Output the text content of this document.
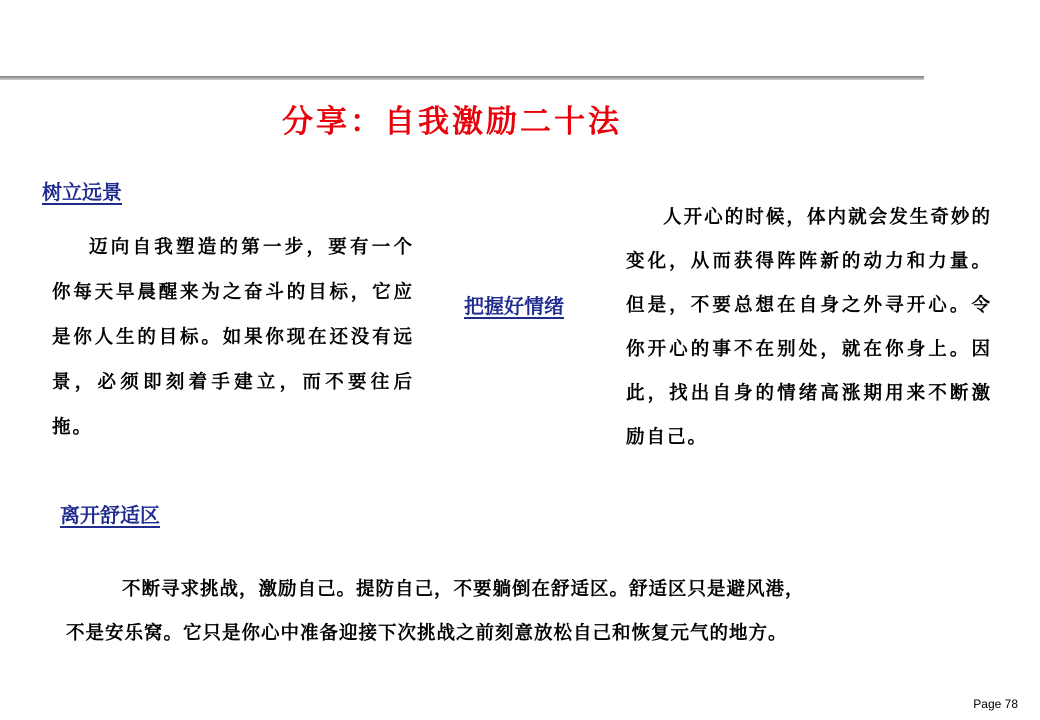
分享：自我激励二十法
树立远景

迈向自我塑造的第一步，要有一个你每天早晨醒来为之奋斗的目标，它应是你人生的目标。如果你现在还没有远景，必须即刻着手建立，而不要往后拖。

把握好情绪

人开心的时候，体内就会发生奇妙的变化，从而获得阵阵新的动力和力量。但是，不要总想在自身之外寻开心。令你开心的事不在别处，就在你身上。因此，找出自身的情绪高涨期用来不断激励自己。

离开舒适区
不断寻求挑战，激励自己。提防自己，不要躺倒在舒适区。舒适区只是避风港，
不是安乐窝。它只是你心中准备迎接下次挑战之前刻意放松自己和恢复元气的地方。
Page 78
